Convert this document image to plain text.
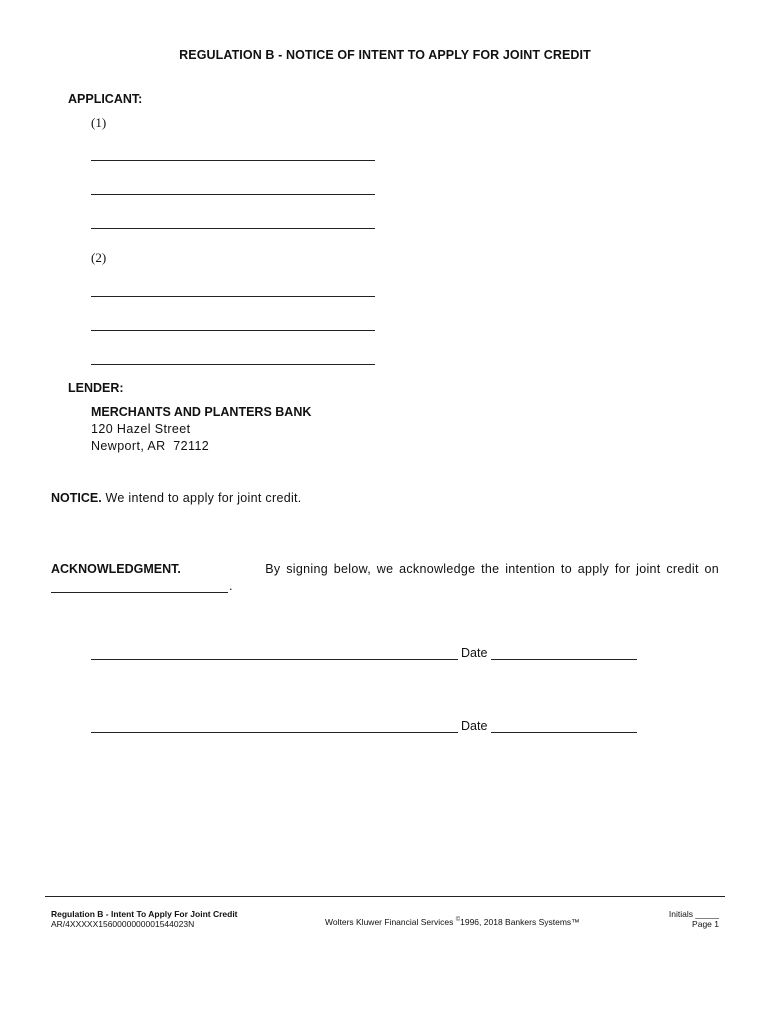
REGULATION B - NOTICE OF INTENT TO APPLY FOR JOINT CREDIT
APPLICANT:
(1)
(2)
LENDER:
MERCHANTS AND PLANTERS BANK
120 Hazel Street
Newport, AR  72112
NOTICE. We intend to apply for joint credit.
ACKNOWLEDGMENT.	By signing below, we acknowledge the intention to apply for joint credit on
.
Date
Date
Regulation B - Intent To Apply For Joint Credit
AR/4XXXXX1560000000001544023N	Wolters Kluwer Financial Services ©1996, 2018 Bankers Systems™
Initials _____
Page 1
